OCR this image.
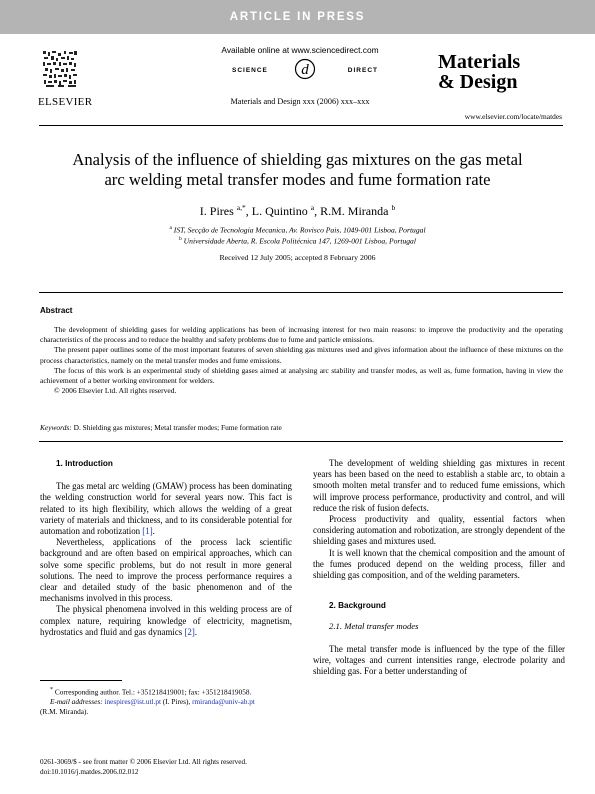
ARTICLE IN PRESS
ELSEVIER
Available online at www.sciencedirect.com
SCIENCE d	DIRECT
Materials and Design xxx (2006) xxx–xxx
Materials
& Design
www.elsevier.com/locate/matdes
Analysis of the influence of shielding gas mixtures on the gas metal
arc welding metal transfer modes and fume formation rate
I. Pires $^{a,*}$, L. Quintino $^a$, R.M. Miranda $^b$
$^a$ IST, Secção de Tecnologia Mecanica, Av. Rovisco Pais, 1049-001 Lisboa, Portugal
$^b$ Universidade Aberta, R. Escola Politécnica 147, 1269-001 Lisboa, Portugal
Received 12 July 2005; accepted 8 February 2006
Abstract

The development of shielding gases for welding applications has been of increasing interest for two main reasons: to improve the productivity and the operating characteristics of the process and to reduce the healthy and safety problems due to fume and particle emissions.

The present paper outlines some of the most important features of seven shielding gas mixtures used and gives information about the influence of these mixtures on the process characteristics, namely on the metal transfer modes and fume emissions.

The focus of this work is an experimental study of shielding gases aimed at analysing arc stability and transfer modes, as well as, fume formation, having in view the achievement of a better working environment for welders.

© 2006 Elsevier Ltd. All rights reserved.

Keywords: D. Shielding gas mixtures; Metal transfer modes; Fume formation rate

1. Introduction

The gas metal arc welding (GMAW) process has been dominating the welding construction world for several years now. This fact is related to its high flexibility, which allows the welding of a great variety of materials and thickness, and to its considerable potential for automation and robotization [1].

Nevertheless, applications of the process lack scientific background and are often based on empirical approaches, which can solve some specific problems, but do not result in more general solutions. The need to improve the process performance requires a clear and detailed study of the basic phenomenon and of the mechanisms involved in this process.

The physical phenomena involved in this welding process are of complex nature, requiring knowledge of electricity, magnetism, hydrostatics and fluid and gas dynamics [2].

The development of welding shielding gas mixtures in recent years has been based on the need to establish a stable arc, to obtain a smooth molten metal transfer and to reduced fume emissions, which will improve process performance, productivity and control, and will reduce the risk of fusion defects.

Process productivity and quality, essential factors when considering automation and robotization, are strongly dependent of the shielding gases and mixtures used.

It is well known that the chemical composition and the amount of the fumes produced depend on the welding process, filler and shielding gas composition, and of the welding parameters.

2. Background

2.1. Metal transfer modes

The metal transfer mode is influenced by the type of the filler wire, voltages and current intensities range, electrode polarity and shielding gas. For a better understanding of

* Corresponding author. Tel.: +351218419001; fax: +351218419058.
E-mail addresses: inespires@ist.utl.pt (I. Pires), rmiranda@univ-ab.pt
(R.M. Miranda).
0261-3069/$ - see front matter © 2006 Elsevier Ltd. All rights reserved.
doi:10.1016/j.matdes.2006.02.012
